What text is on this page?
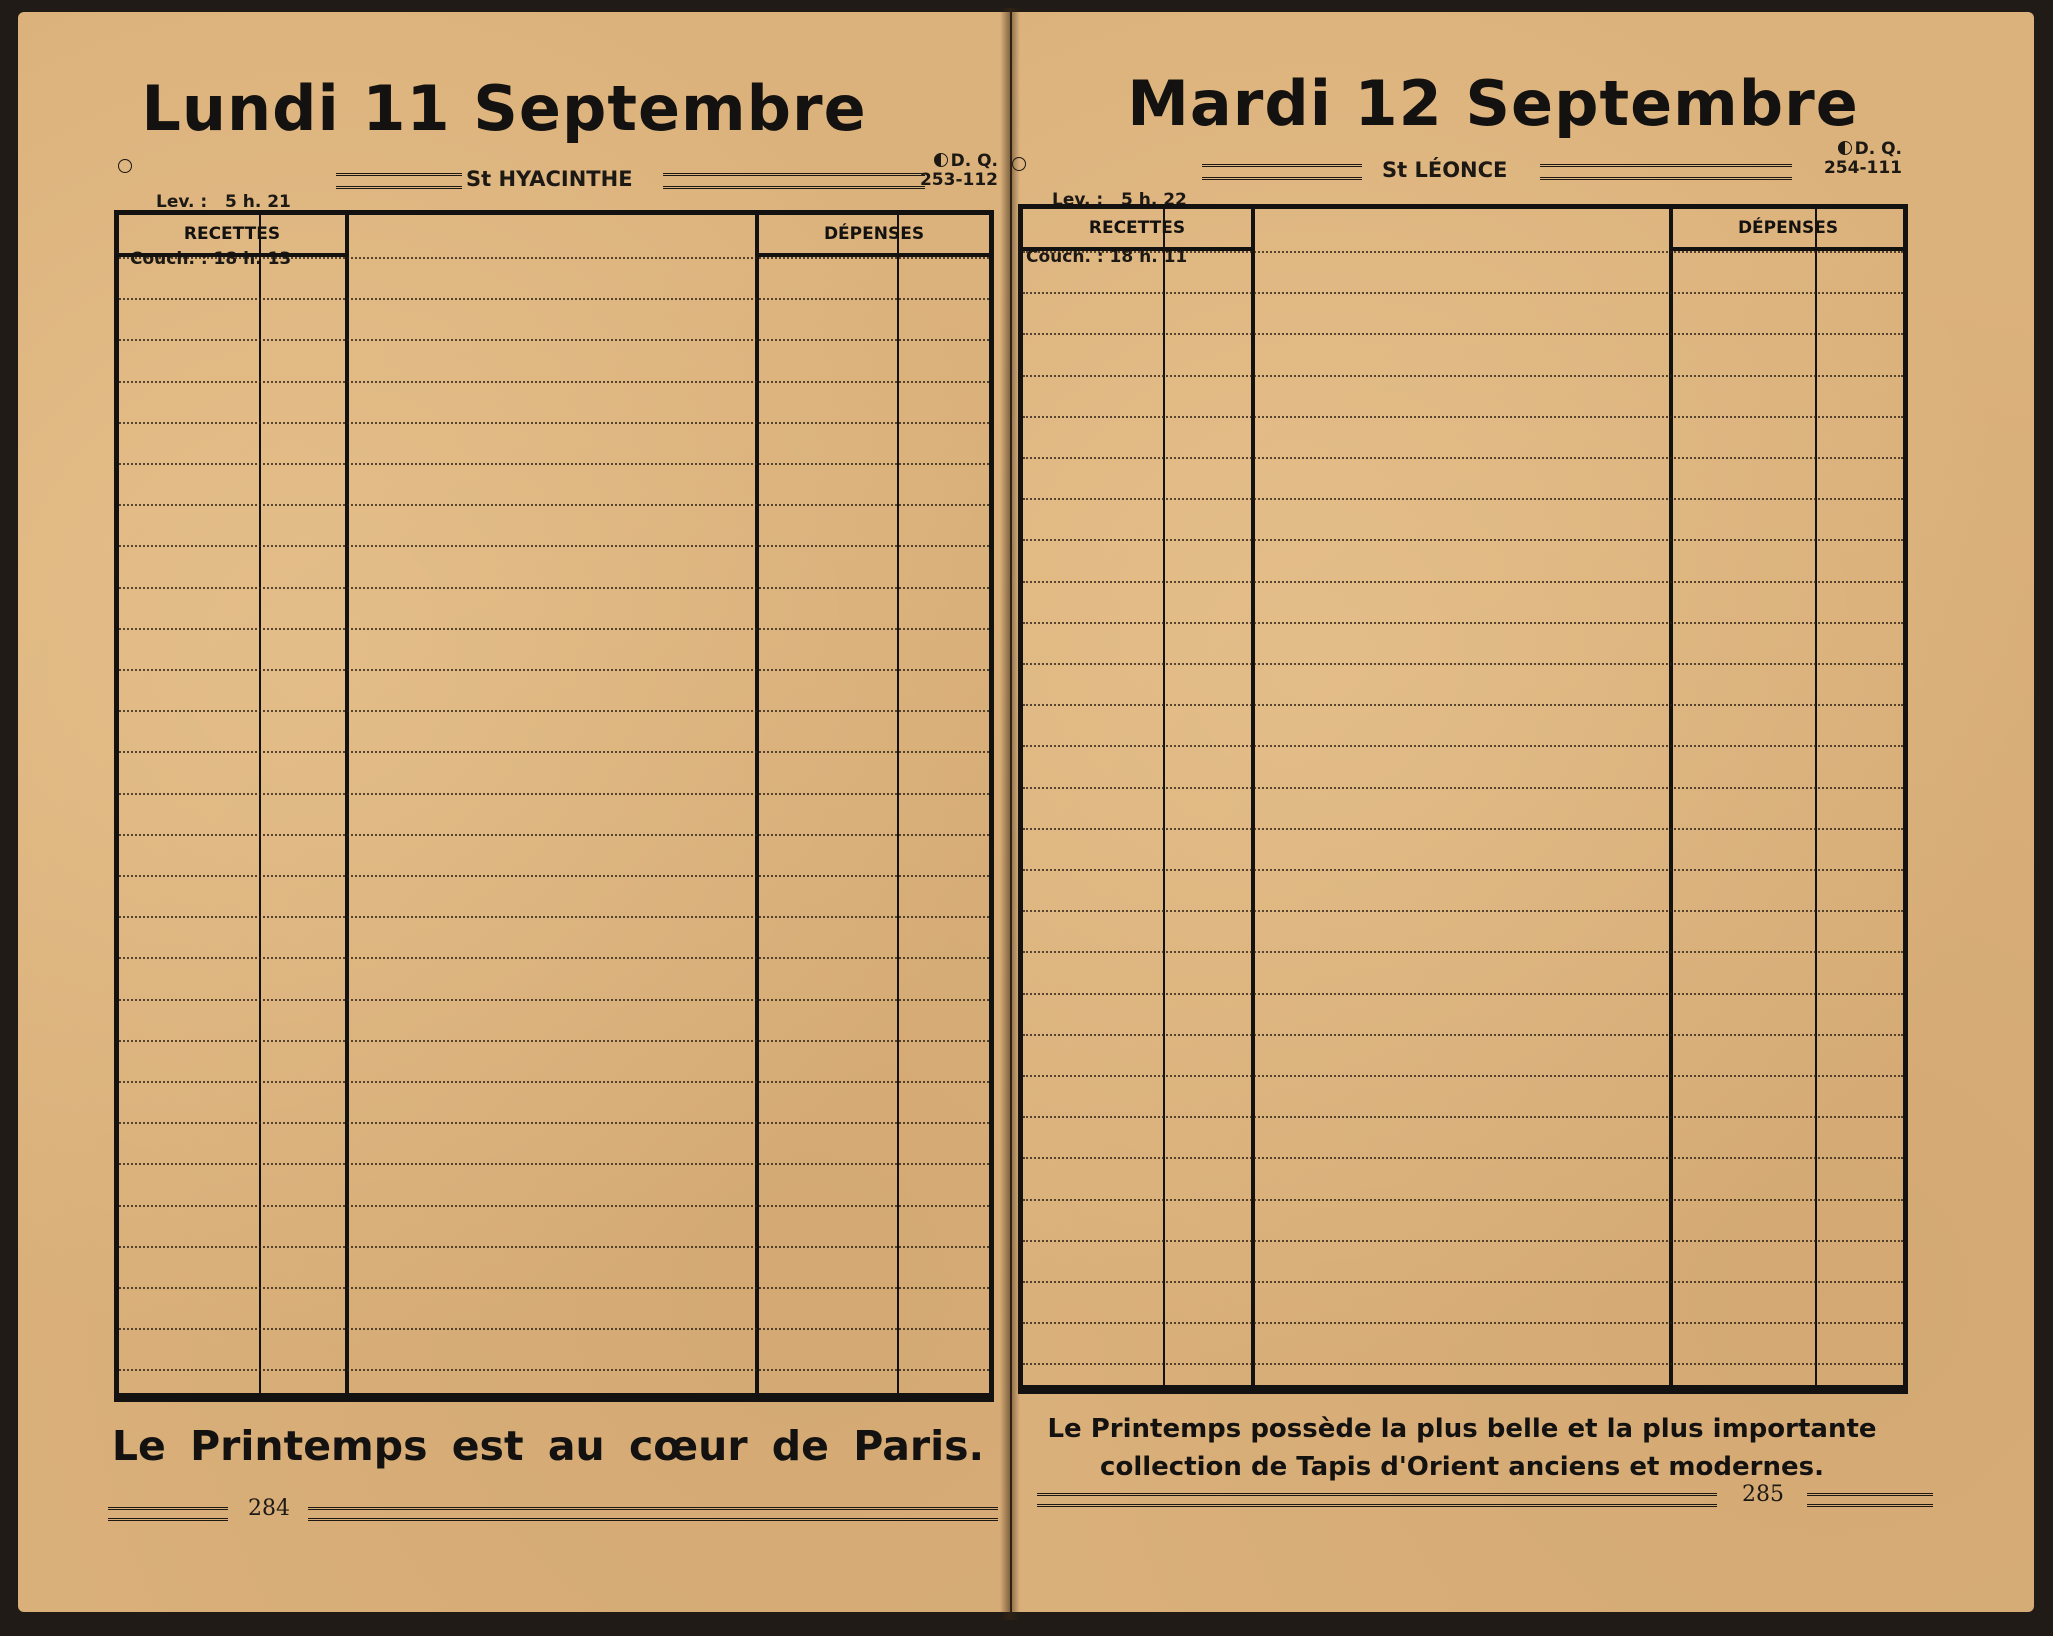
Lundi 11 Septembre

Lev. :   5 h. 21

Couch. : 18 h. 13

St HYACINTHE
D. Q.
253-112
RECETTES	DÉPENSES
Le Printemps est au cœur de Paris.
284
Mardi 12 Septembre

Lev. :   5 h. 22

Couch. : 18 h. 11

St LÉONCE
D. Q.
254-111
RECETTES	DÉPENSES
Le Printemps possède la plus belle et la plus importante
collection de Tapis d'Orient anciens et modernes.
285
